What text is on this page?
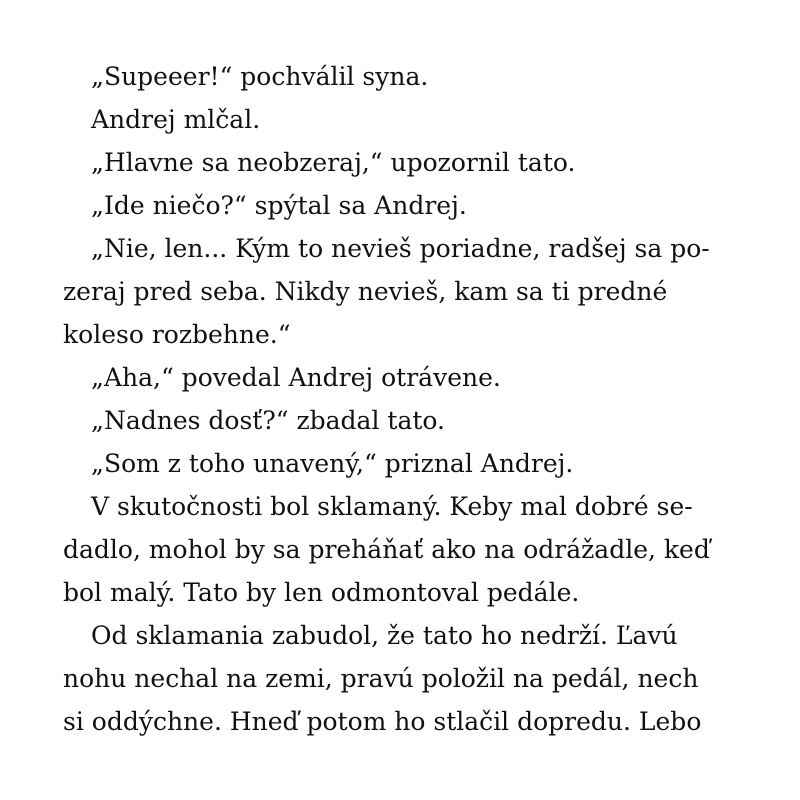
„Supeeer!“ pochválil syna.

Andrej mlčal.

„Hlavne sa neobzeraj,“ upozornil tato.

„Ide niečo?“ spýtal sa Andrej.

„Nie, len... Kým to nevieš poriadne, radšej sa po-

zeraj pred seba. Nikdy nevieš, kam sa ti predné

koleso rozbehne.“

„Aha,“ povedal Andrej otrávene.

„Nadnes dosť?“ zbadal tato.

„Som z toho unavený,“ priznal Andrej.

V skutočnosti bol sklamaný. Keby mal dobré se-

dadlo, mohol by sa preháňať ako na odrážadle, keď

bol malý. Tato by len odmontoval pedále.

Od sklamania zabudol, že tato ho nedrží. Ľavú

nohu nechal na zemi, pravú položil na pedál, nech

si oddýchne. Hneď potom ho stlačil dopredu. Lebo
